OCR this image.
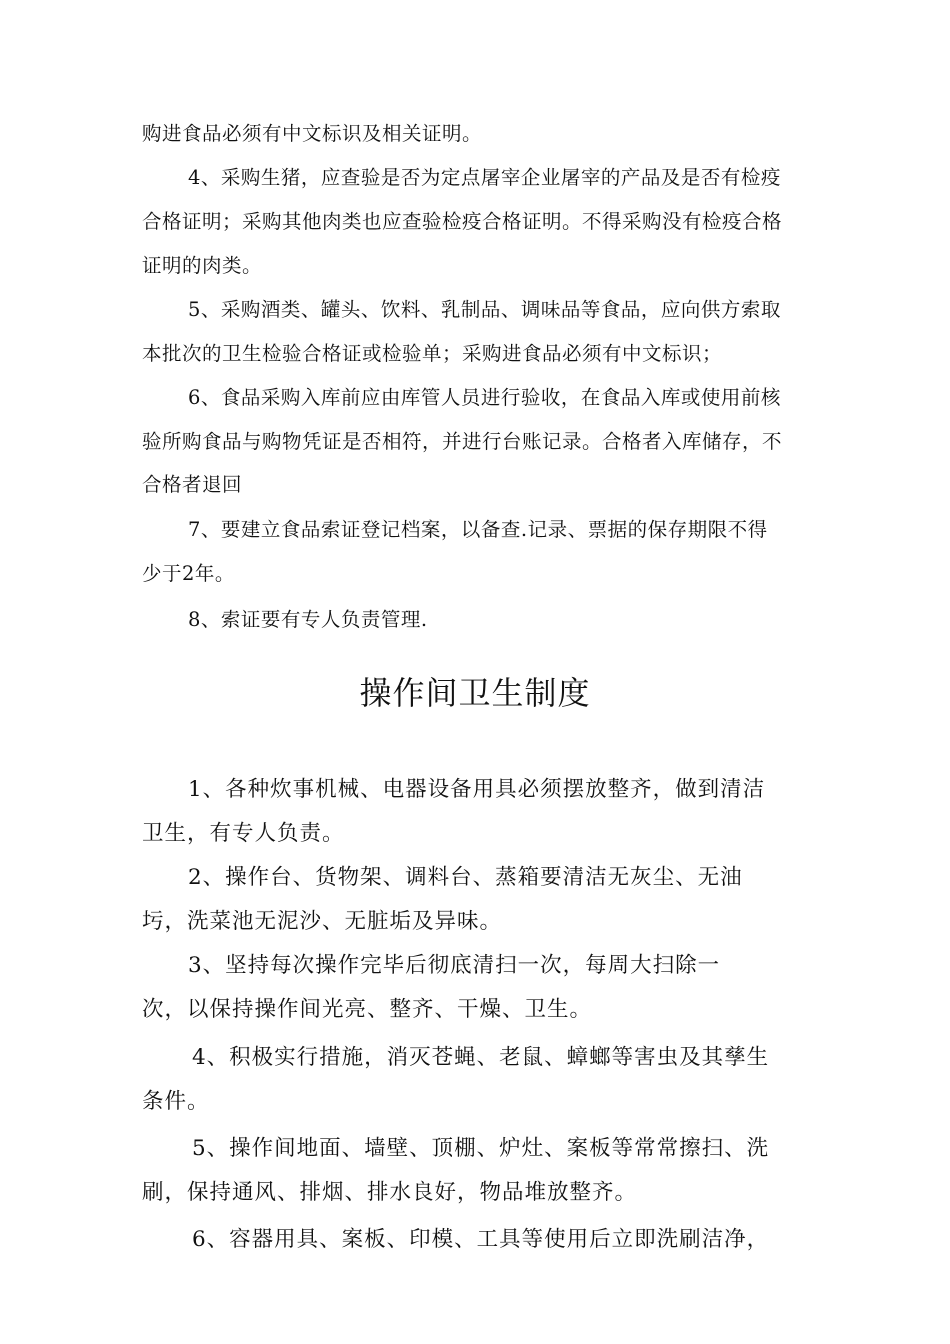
购进食品必须有中文标识及相关证明。
4、采购生猪，应查验是否为定点屠宰企业屠宰的产品及是否有检疫
合格证明；采购其他肉类也应查验检疫合格证明。不得采购没有检疫合格
证明的肉类。
5、采购酒类、罐头、饮料、乳制品、调味品等食品，应向供方索取
本批次的卫生检验合格证或检验单；采购进食品必须有中文标识；
6、食品采购入库前应由库管人员进行验收，在食品入库或使用前核
验所购食品与购物凭证是否相符，并进行台账记录。合格者入库储存，不
合格者退回
7、要建立食品索证登记档案，以备查.记录、票据的保存期限不得
少于2年。
8、索证要有专人负责管理.
操作间卫生制度
1、各种炊事机械、电器设备用具必须摆放整齐，做到清洁
卫生，有专人负责。
2、操作台、货物架、调料台、蒸箱要清洁无灰尘、无油
圬，洗菜池无泥沙、无脏垢及异味。
3、坚持每次操作完毕后彻底清扫一次，每周大扫除一
次，以保持操作间光亮、整齐、干燥、卫生。
4、积极实行措施，消灭苍蝇、老鼠、蟑螂等害虫及其孳生
条件。
5、操作间地面、墙壁、顶棚、炉灶、案板等常常擦扫、洗
刷，保持通风、排烟、排水良好，物品堆放整齐。
6、容器用具、案板、印模、工具等使用后立即洗刷洁净，
